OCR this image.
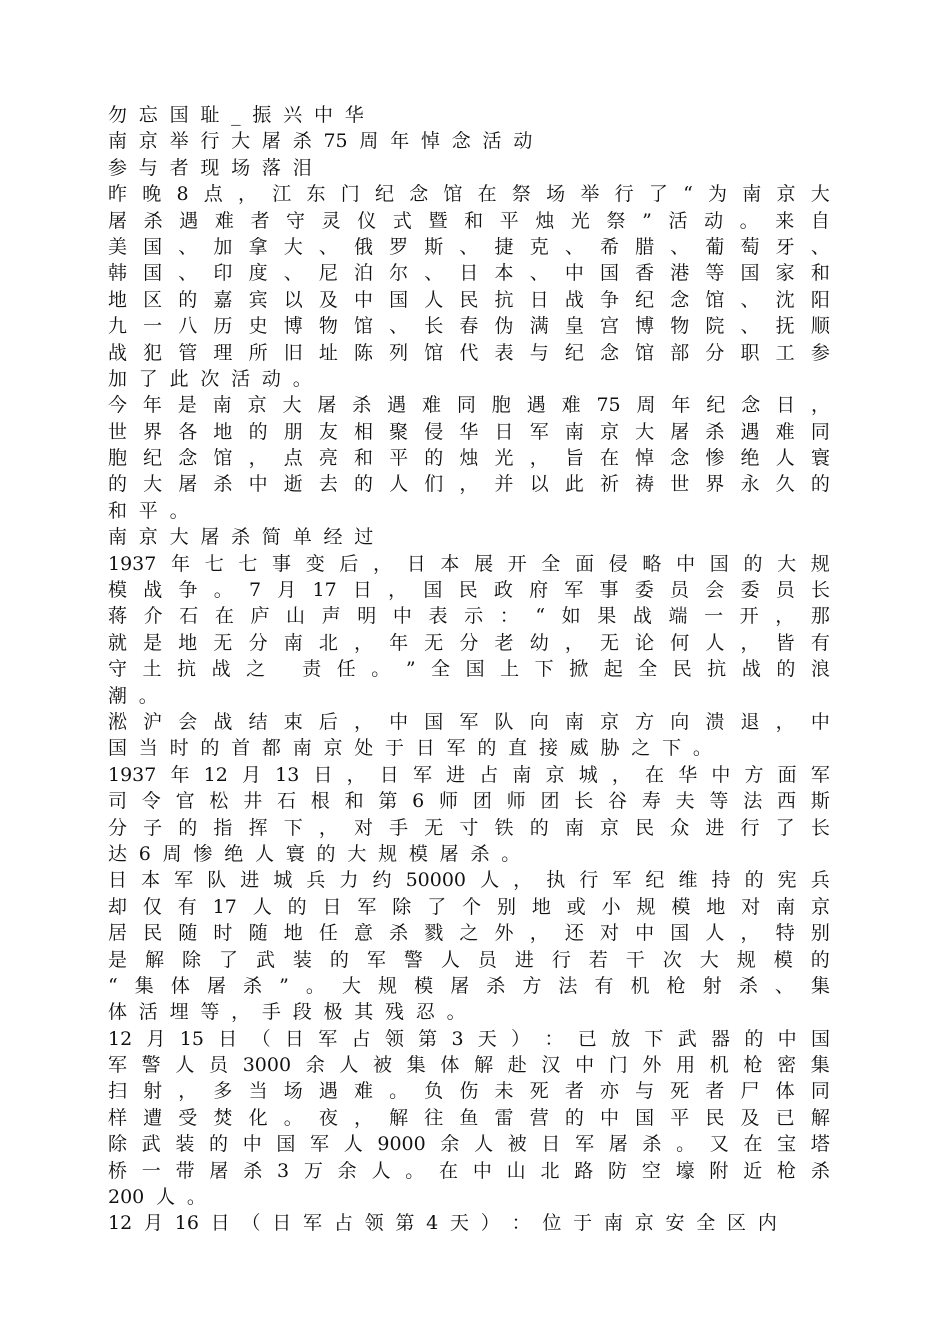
勿 忘 国 耻 _ 振 兴 中 华
南 京 举 行 大 屠 杀 75 周 年 悼 念 活 动
参 与 者 现 场 落 泪
昨 晚 8 点 ， 江 东 门 纪 念 馆 在 祭 场 举 行 了 “ 为 南 京 大
屠 杀 遇 难 者 守 灵 仪 式 暨 和 平 烛 光 祭 ” 活 动 。 来 自
美 国 、 加 拿 大 、 俄 罗 斯 、 捷 克 、 希 腊 、 葡 萄 牙 、
韩 国 、 印 度 、 尼 泊 尔 、 日 本 、 中 国 香 港 等 国 家 和
地 区 的 嘉 宾 以 及 中 国 人 民 抗 日 战 争 纪 念 馆 、 沈 阳
九 一 八 历 史 博 物 馆 、 长 春 伪 满 皇 宫 博 物 院 、 抚 顺
战 犯 管 理 所 旧 址 陈 列 馆 代 表 与 纪 念 馆 部 分 职 工 参
加 了 此 次 活 动 。
今 年 是 南 京 大 屠 杀 遇 难 同 胞 遇 难 75 周 年 纪 念 日 ，
世 界 各 地 的 朋 友 相 聚 侵 华 日 军 南 京 大 屠 杀 遇 难 同
胞 纪 念 馆 ， 点 亮 和 平 的 烛 光 ， 旨 在 悼 念 惨 绝 人 寰
的 大 屠 杀 中 逝 去 的 人 们 ， 并 以 此 祈 祷 世 界 永 久 的
和 平 。
南 京 大 屠 杀 简 单 经 过
1937 年 七 七 事 变 后 ， 日 本 展 开 全 面 侵 略 中 国 的 大 规
模 战 争 。 7 月 17 日 ， 国 民 政 府 军 事 委 员 会 委 员 长
蒋 介 石 在 庐 山 声 明 中 表 示 ： “ 如 果 战 端 一 开 ， 那
就 是 地 无 分 南 北 ， 年 无 分 老 幼 ， 无 论 何 人 ， 皆 有
守 土 抗 战 之
责 任 。 ” 全 国 上 下 掀 起 全 民 抗 战 的 浪
潮 。
淞 沪 会 战 结 束 后 ， 中 国 军 队 向 南 京 方 向 溃 退 ， 中
国 当 时 的 首 都 南 京 处 于 日 军 的 直 接 威 胁 之 下 。
1937 年 12 月 13 日 ， 日 军 进 占 南 京 城 ， 在 华 中 方 面 军
司 令 官 松 井 石 根 和 第 6 师 团 师 团 长 谷 寿 夫 等 法 西 斯
分 子 的 指 挥 下 ， 对 手 无 寸 铁 的 南 京 民 众 进 行 了 长
达 6 周 惨 绝 人 寰 的 大 规 模 屠 杀 。
日 本 军 队 进 城 兵 力 约 50000 人 ， 执 行 军 纪 维 持 的 宪 兵
却 仅 有 17 人 的 日 军 除 了 个 别 地 或 小 规 模 地 对 南 京
居 民 随 时 随 地 任 意 杀 戮 之 外 ， 还 对 中 国 人 ， 特 别
是 解 除 了 武 装 的 军 警 人 员 进 行 若 干 次 大 规 模 的
“ 集 体 屠 杀 ” 。 大 规 模 屠 杀 方 法 有 机 枪 射 杀 、 集
体 活 埋 等 ， 手 段 极 其 残 忍 。
12 月 15 日 （ 日 军 占 领 第 3 天 ） ： 已 放 下 武 器 的 中 国
军 警 人 员 3000 余 人 被 集 体 解 赴 汉 中 门 外 用 机 枪 密 集
扫 射 ， 多 当 场 遇 难 。 负 伤 未 死 者 亦 与 死 者 尸 体 同
样 遭 受 焚 化 。 夜 ， 解 往 鱼 雷 营 的 中 国 平 民 及 已 解
除 武 装 的 中 国 军 人 9000 余 人 被 日 军 屠 杀 。 又 在 宝 塔
桥 一 带 屠 杀 3 万 余 人 。 在 中 山 北 路 防 空 壕 附 近 枪 杀
200 人 。
12 月 16 日 （ 日 军 占 领 第 4 天 ） ： 位 于 南 京 安 全 区 内
